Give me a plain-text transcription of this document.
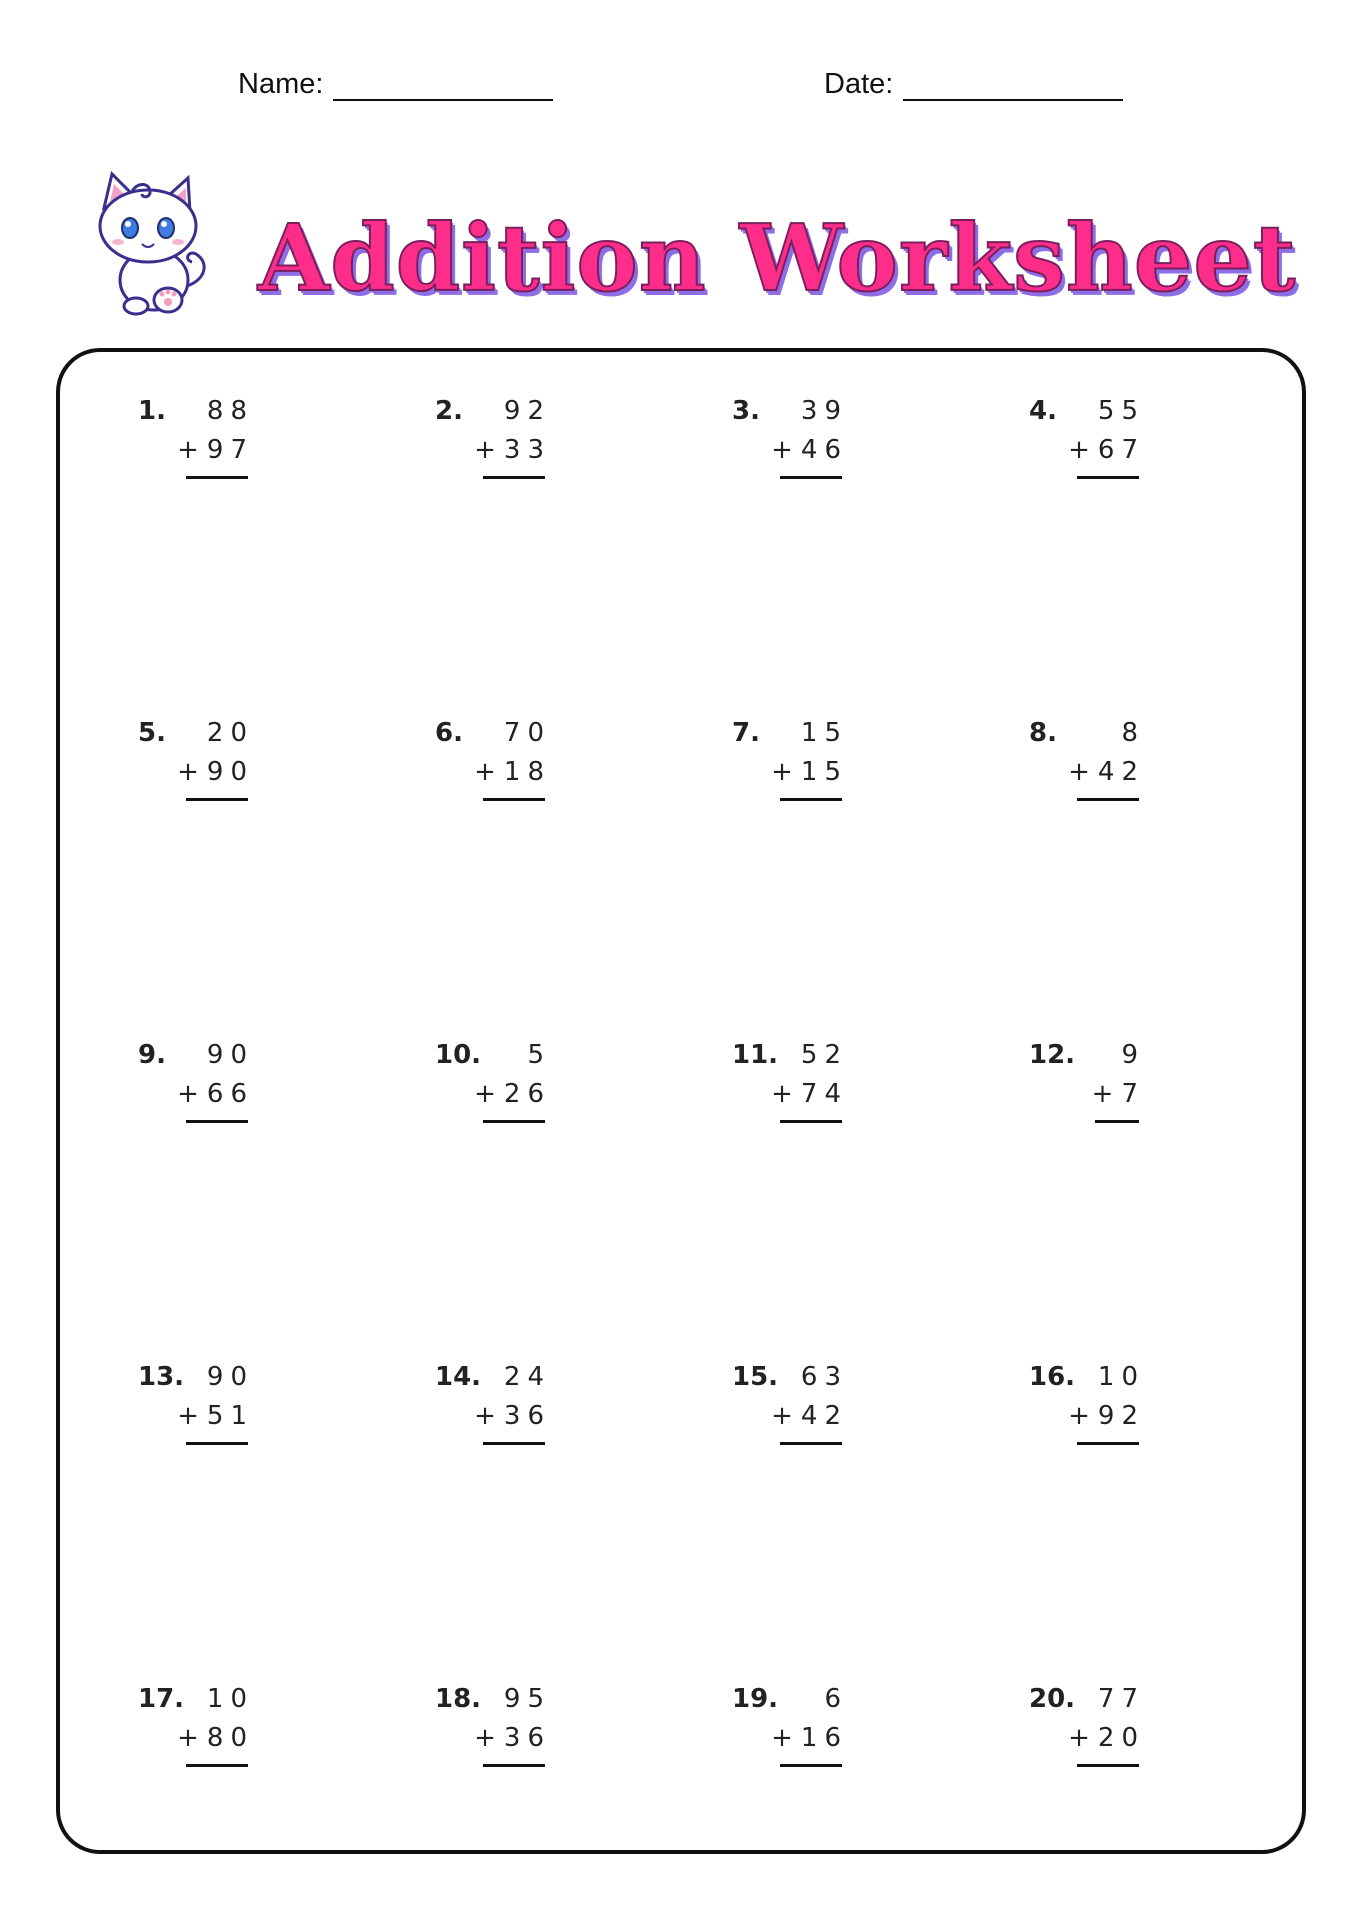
Name:	Date:
Addition Worksheet
1. 88
+ 97
2. 92
+ 33
3. 39
+ 46
4. 55
+ 67
5. 20
+ 90
6. 70
+ 18
7. 15
+ 15
8. 8
+ 42
9. 90
+ 66
10. 5
+ 26
11. 52
+ 74
12. 9
+ 7
13. 90
+ 51
14. 24
+ 36
15. 63
+ 42
16. 10
+ 92
17. 10
+ 80
18. 95
+ 36
19. 6
+ 16
20. 77
+ 20
